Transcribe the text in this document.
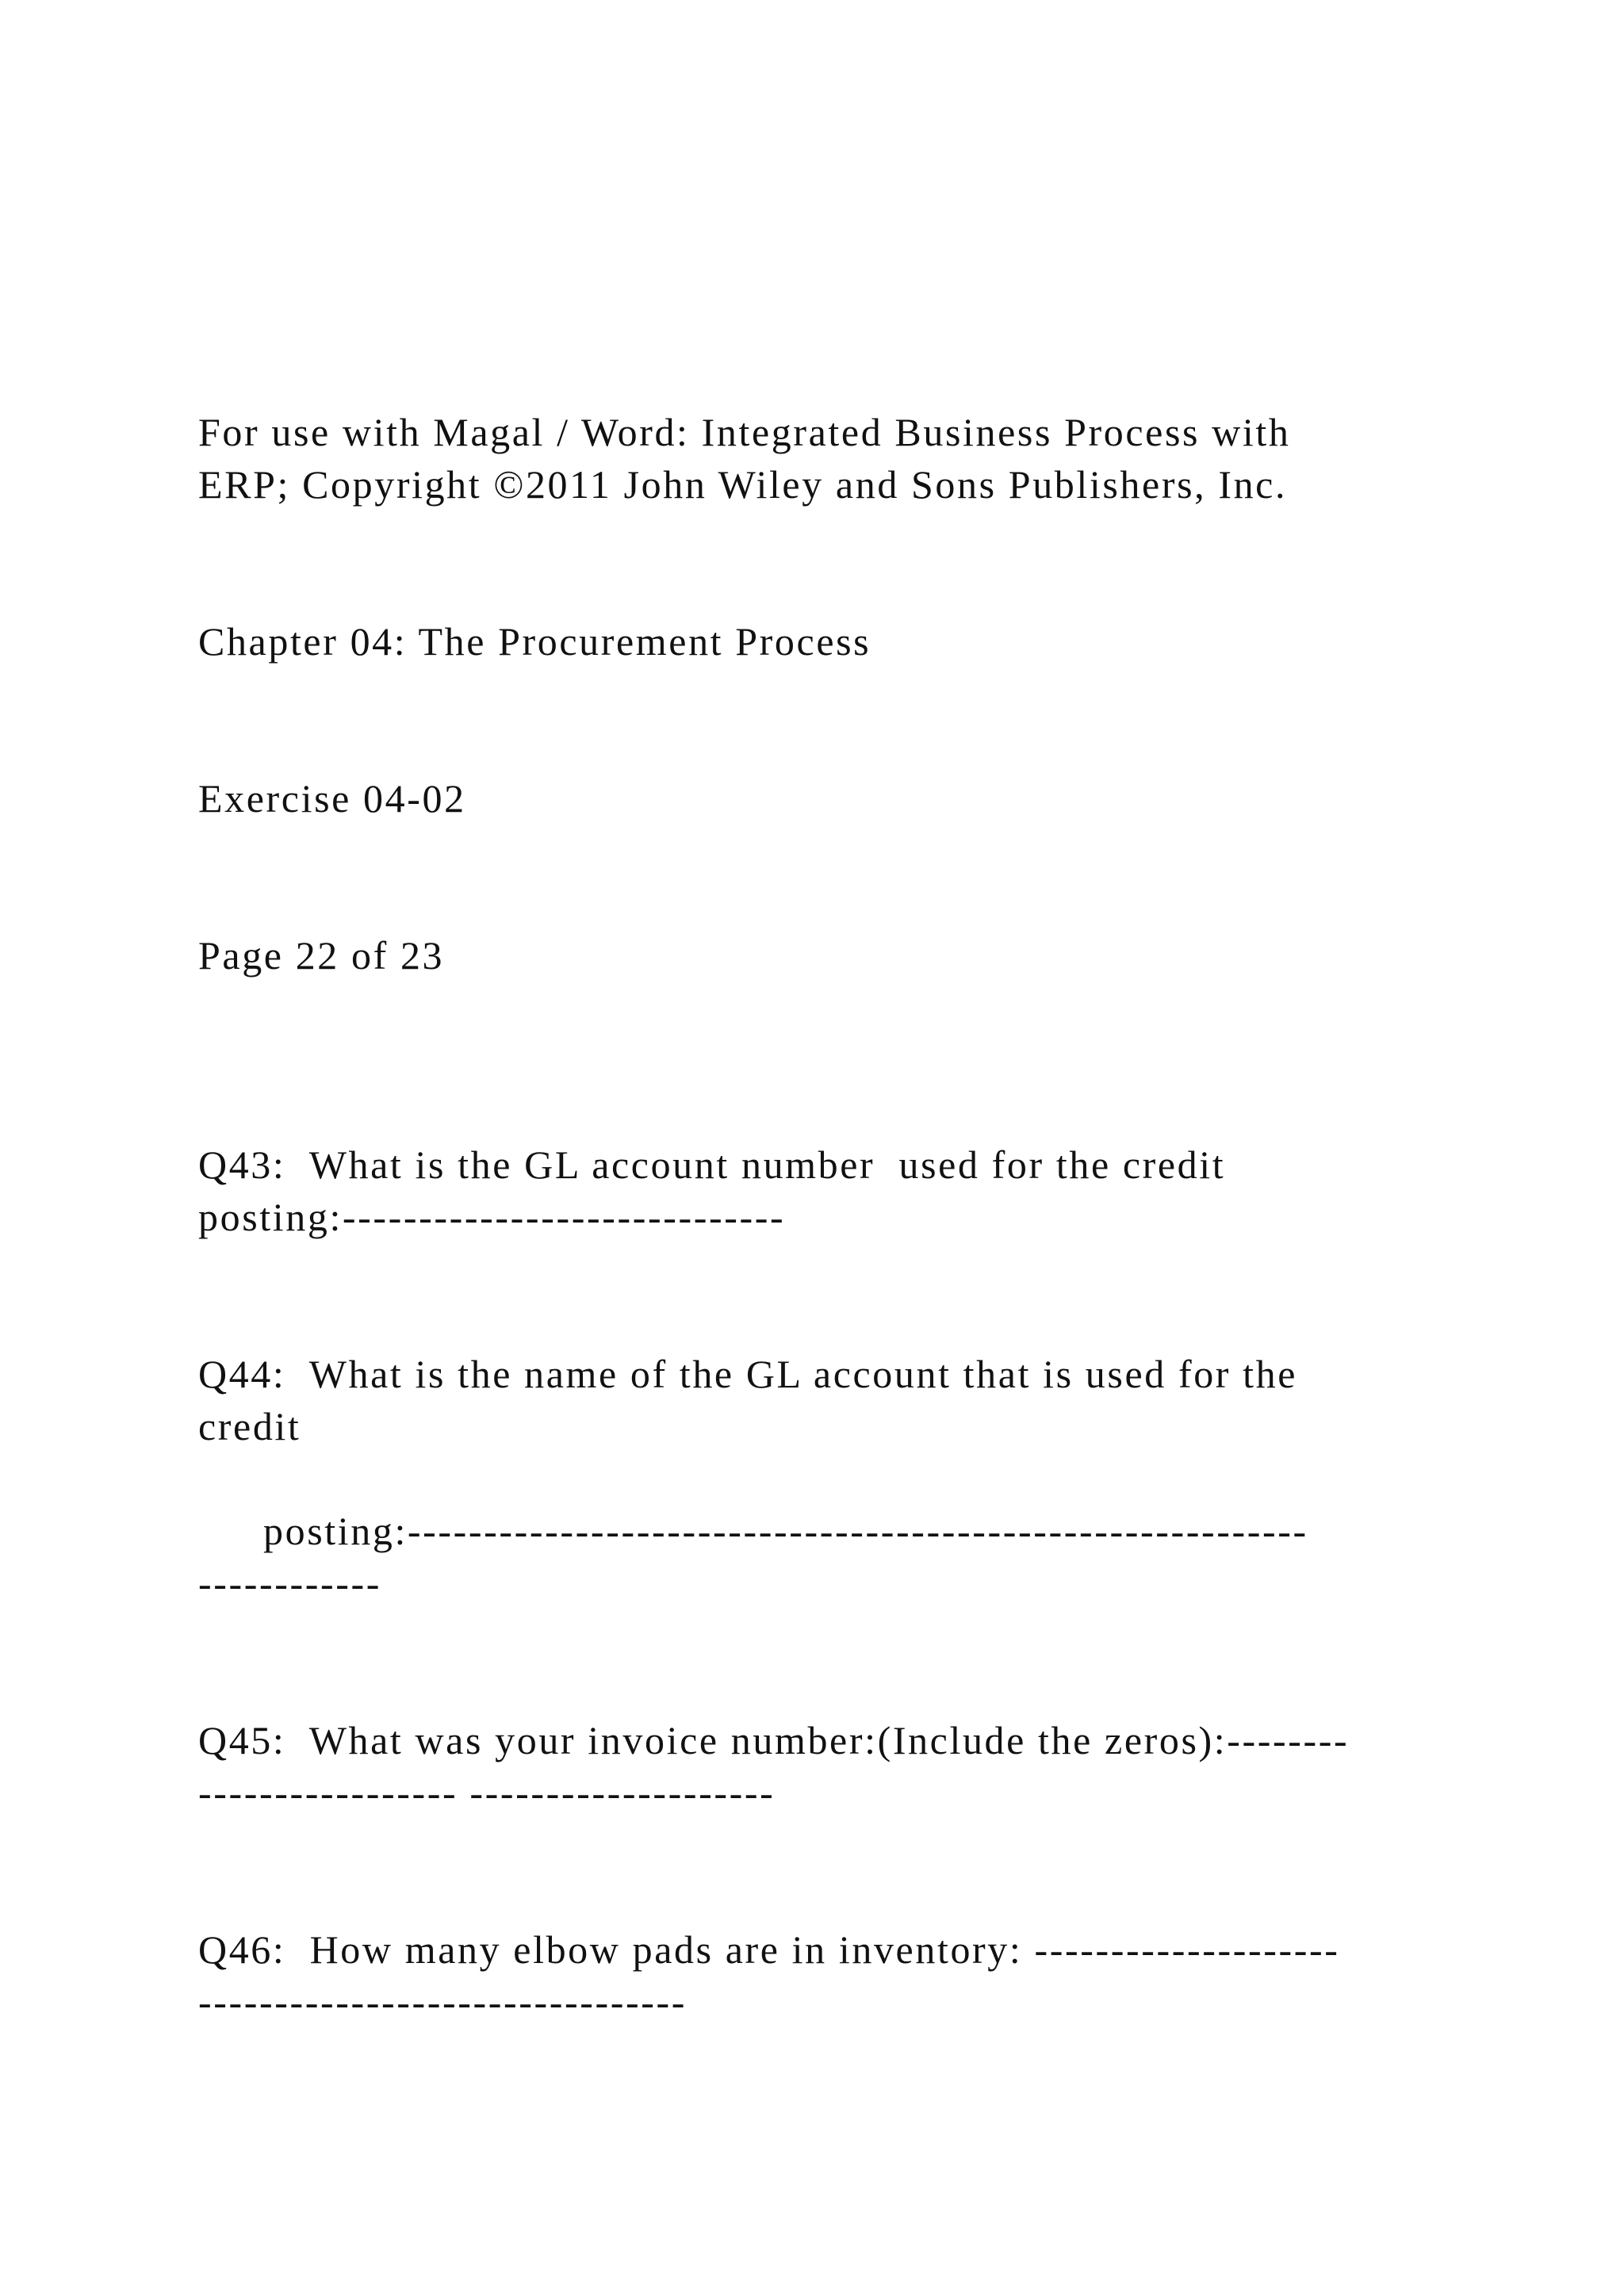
For use with Magal / Word: Integrated Business Process with

ERP; Copyright ©2011 John Wiley and Sons Publishers, Inc.

Chapter 04: The Procurement Process

Exercise 04-02

Page 22 of 23

Q43:  What is the GL account number  used for the credit

posting:-----------------------------

Q44:  What is the name of the GL account that is used for the

credit

posting:-----------------------------------------------------------

------------

Q45:  What was your invoice number:(Include the zeros):--------

----------------- --------------------

Q46:  How many elbow pads are in inventory: --------------------

--------------------------------
